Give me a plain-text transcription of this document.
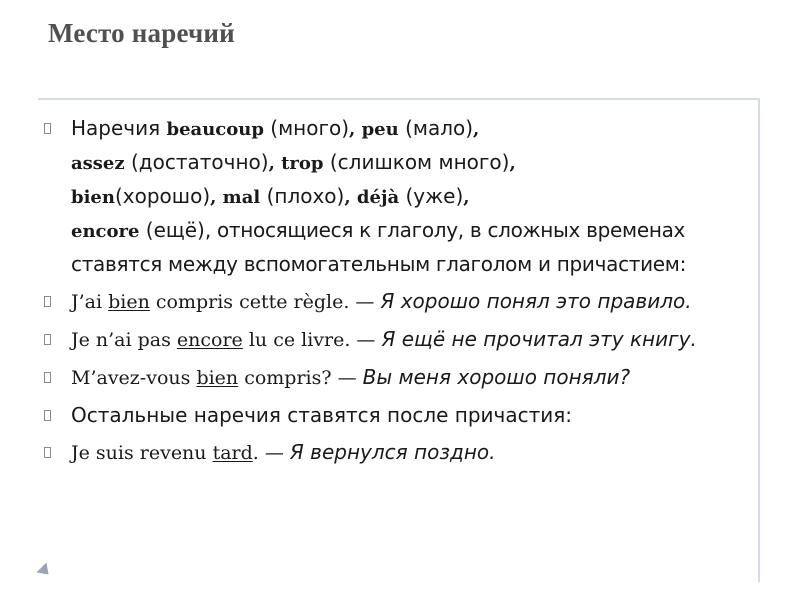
Место наречий
Наречия beaucoup (много), peu (мало),
assez (достаточно), trop (слишком много),
bien(хорошо), mal (плохо), déjà (уже),
encore (ещё), относящиеся к глаголу, в сложных временах ставятся между вспомогательным глаголом и причастием:
J’ai bien compris cette règle. — Я хорошо понял это правило.
Je n’ai pas encore lu ce livre. — Я ещё не прочитал эту книгу.
M’avez-vous bien compris? — Вы меня хорошо поняли?
Остальные наречия ставятся после причастия:
Je suis revenu tard. — Я вернулся поздно.
